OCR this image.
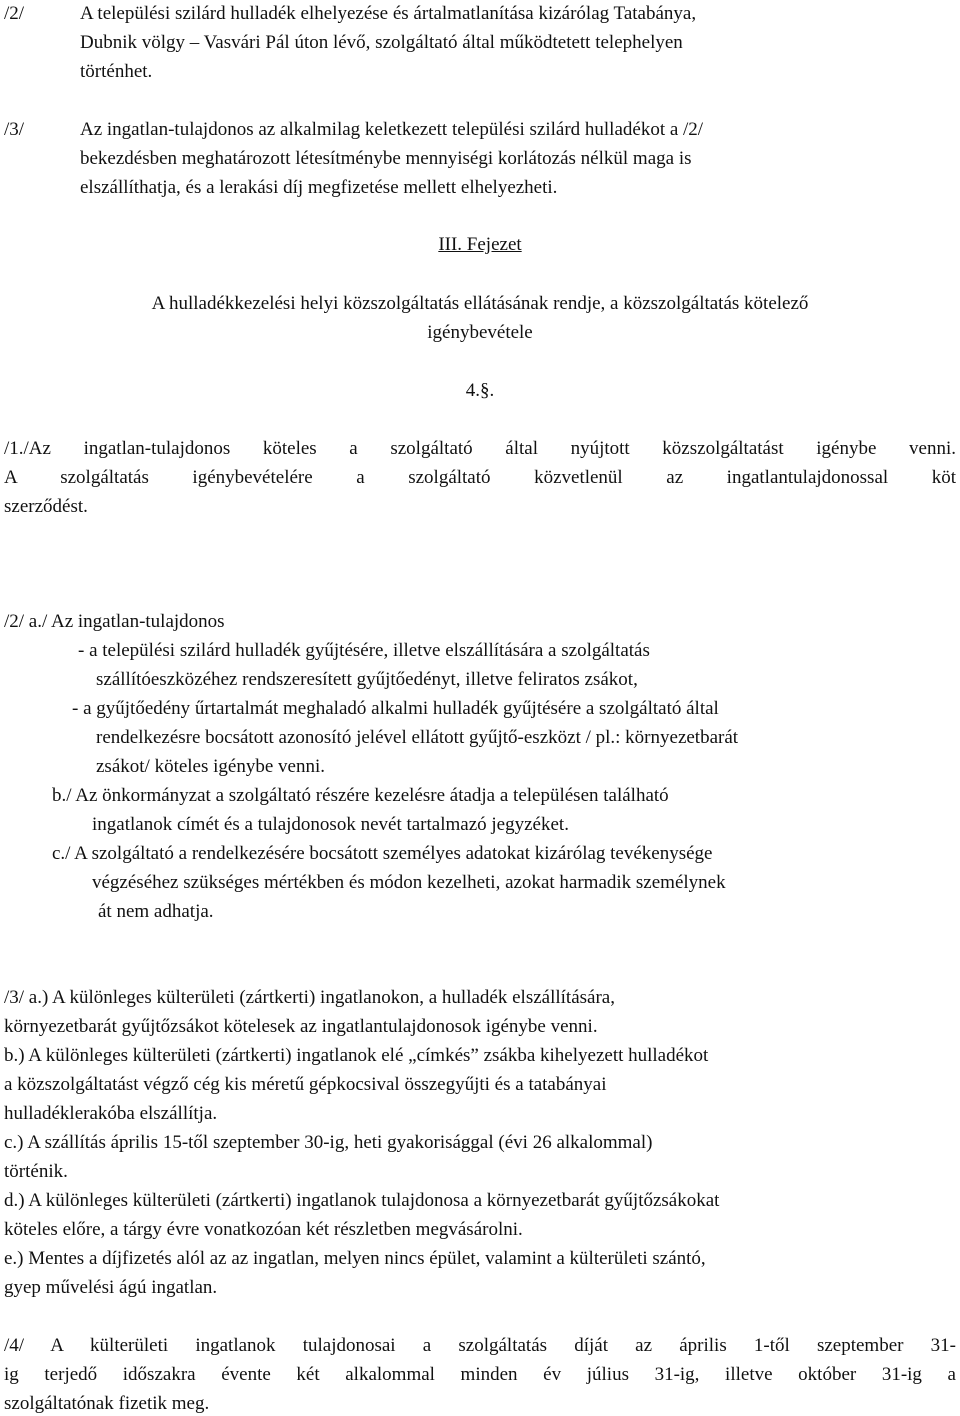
/2/	A települési szilárd hulladék elhelyezése és ártalmatlanítása kizárólag Tatabánya,
Dubnik völgy – Vasvári Pál úton lévő, szolgáltató által működtetett telephelyen
történhet.
/3/	Az ingatlan-tulajdonos az alkalmilag keletkezett települési szilárd hulladékot a /2/
bekezdésben meghatározott létesítménybe mennyiségi korlátozás nélkül maga is
elszállíthatja, és a lerakási díj megfizetése mellett elhelyezheti.
III. Fejezet
A hulladékkezelési helyi közszolgáltatás ellátásának rendje, a közszolgáltatás kötelező
igénybevétele
4.§.
/1./Az ingatlan-tulajdonos köteles a szolgáltató által nyújtott közszolgáltatást igénybe venni.
A szolgáltatás igénybevételére a szolgáltató közvetlenül az ingatlantulajdonossal köt
szerződést.
/2/ a./ Az ingatlan-tulajdonos
- a települési szilárd hulladék gyűjtésére, illetve elszállítására a szolgáltatás
szállítóeszközéhez rendszeresített gyűjtőedényt, illetve feliratos zsákot,
- a gyűjtőedény űrtartalmát meghaladó alkalmi hulladék gyűjtésére a szolgáltató által
rendelkezésre bocsátott azonosító jelével ellátott gyűjtő-eszközt / pl.: környezetbarát
zsákot/ köteles igénybe venni.
b./ Az önkormányzat a szolgáltató részére kezelésre átadja a településen található
ingatlanok címét és a tulajdonosok nevét tartalmazó jegyzéket.
c./ A szolgáltató a rendelkezésére bocsátott személyes adatokat kizárólag tevékenysége
végzéséhez szükséges mértékben és módon kezelheti, azokat harmadik személynek
át nem adhatja.
/3/ a.) A különleges külterületi (zártkerti) ingatlanokon, a hulladék elszállítására,
környezetbarát gyűjtőzsákot kötelesek az ingatlantulajdonosok igénybe venni.
b.) A különleges külterületi (zártkerti) ingatlanok elé „címkés” zsákba kihelyezett hulladékot
a közszolgáltatást végző cég kis méretű gépkocsival összegyűjti és a tatabányai
hulladéklerakóba elszállítja.
c.) A szállítás április 15-től szeptember 30-ig, heti gyakorisággal (évi 26 alkalommal)
történik.
d.) A különleges külterületi (zártkerti) ingatlanok tulajdonosa a környezetbarát gyűjtőzsákokat
köteles előre, a tárgy évre vonatkozóan két részletben megvásárolni.
e.) Mentes a díjfizetés alól az az ingatlan, melyen nincs épület, valamint a külterületi szántó,
gyep művelési ágú ingatlan.
/4/ A külterületi ingatlanok tulajdonosai a szolgáltatás díját az április 1-től szeptember 31-
ig terjedő időszakra évente két alkalommal minden év július 31-ig, illetve október 31-ig a
szolgáltatónak fizetik meg.
